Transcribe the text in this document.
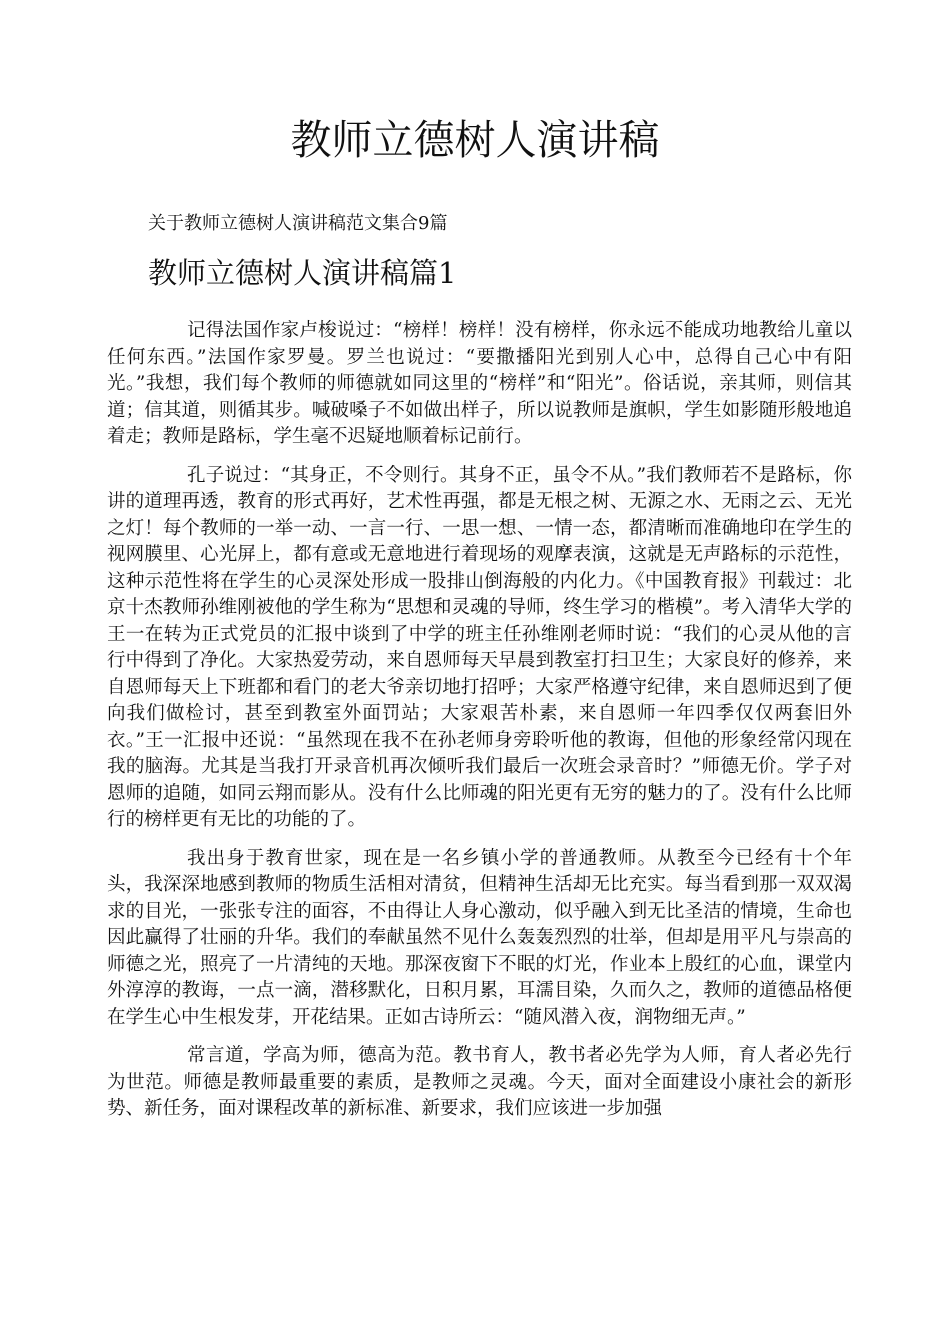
教师立德树人演讲稿

关于教师立德树人演讲稿范文集合9篇

教师立德树人演讲稿篇1

记得法国作家卢梭说过：“榜样！榜样！没有榜样，你永远不能成功地教给儿童以任何东西。”法国作家罗曼。罗兰也说过：“要撒播阳光到别人心中，总得自己心中有阳光。”我想，我们每个教师的师德就如同这里的“榜样”和“阳光”。俗话说，亲其师，则信其道；信其道，则循其步。喊破嗓子不如做出样子，所以说教师是旗帜，学生如影随形般地追着走；教师是路标，学生毫不迟疑地顺着标记前行。

孔子说过：“其身正，不令则行。其身不正，虽令不从。”我们教师若不是路标，你讲的道理再透，教育的形式再好，艺术性再强，都是无根之树、无源之水、无雨之云、无光之灯！每个教师的一举一动、一言一行、一思一想、一情一态，都清晰而准确地印在学生的视网膜里、心光屏上，都有意或无意地进行着现场的观摩表演，这就是无声路标的示范性，这种示范性将在学生的心灵深处形成一股排山倒海般的内化力。《中国教育报》刊载过：北京十杰教师孙维刚被他的学生称为“思想和灵魂的导师，终生学习的楷模”。考入清华大学的王一在转为正式党员的汇报中谈到了中学的班主任孙维刚老师时说：“我们的心灵从他的言行中得到了净化。大家热爱劳动，来自恩师每天早晨到教室打扫卫生；大家良好的修养，来自恩师每天上下班都和看门的老大爷亲切地打招呼；大家严格遵守纪律，来自恩师迟到了便向我们做检讨，甚至到教室外面罚站；大家艰苦朴素，来自恩师一年四季仅仅两套旧外衣。”王一汇报中还说：“虽然现在我不在孙老师身旁聆听他的教诲，但他的形象经常闪现在我的脑海。尤其是当我打开录音机再次倾听我们最后一次班会录音时？”师德无价。学子对恩师的追随，如同云翔而影从。没有什么比师魂的阳光更有无穷的魅力的了。没有什么比师行的榜样更有无比的功能的了。

我出身于教育世家，现在是一名乡镇小学的普通教师。从教至今已经有十个年头，我深深地感到教师的物质生活相对清贫，但精神生活却无比充实。每当看到那一双双渴求的目光，一张张专注的面容，不由得让人身心激动，似乎融入到无比圣洁的情境，生命也因此赢得了壮丽的升华。我们的奉献虽然不见什么轰轰烈烈的壮举，但却是用平凡与崇高的师德之光，照亮了一片清纯的天地。那深夜窗下不眠的灯光，作业本上殷红的心血，课堂内外淳淳的教诲，一点一滴，潜移默化，日积月累，耳濡目染，久而久之，教师的道德品格便在学生心中生根发芽，开花结果。正如古诗所云：“随风潜入夜，润物细无声。”

常言道，学高为师，德高为范。教书育人，教书者必先学为人师，育人者必先行为世范。师德是教师最重要的素质，是教师之灵魂。今天，面对全面建设小康社会的新形势、新任务，面对课程改革的新标准、新要求，我们应该进一步加强
